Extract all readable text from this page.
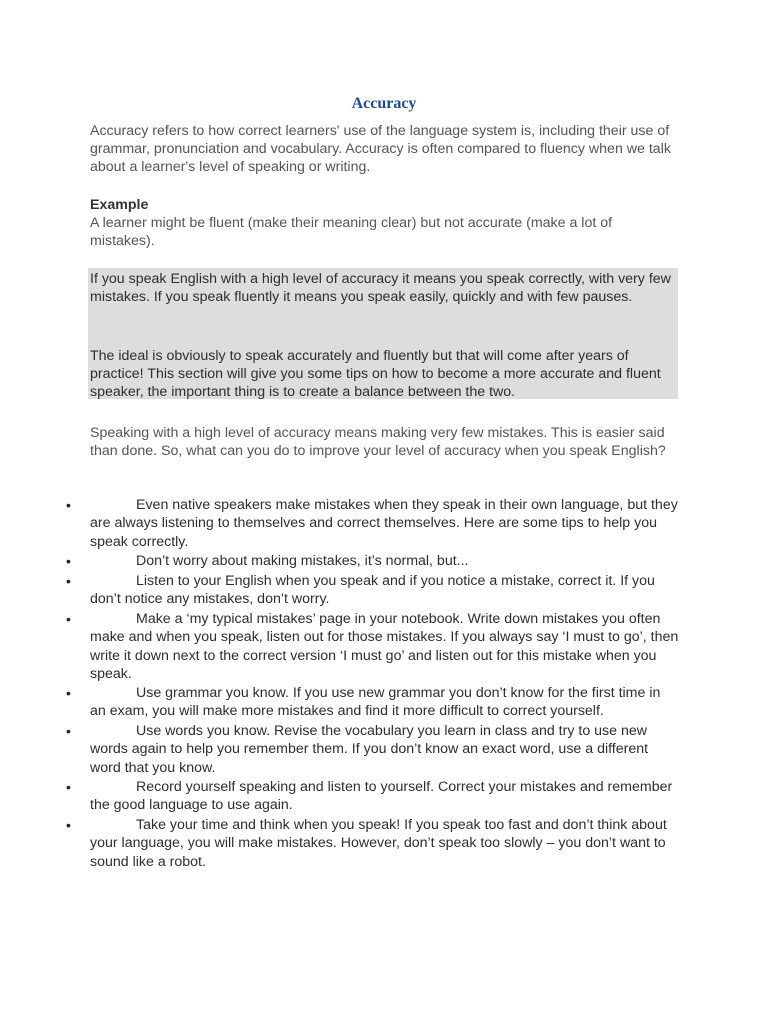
Accuracy
Accuracy refers to how correct learners' use of the language system is, including their use of grammar, pronunciation and vocabulary. Accuracy is often compared to fluency when we talk about a learner's level of speaking or writing.
Example
A learner might be fluent (make their meaning clear) but not accurate (make a lot of mistakes).
If you speak English with a high level of accuracy it means you speak correctly, with very few mistakes. If you speak fluently it means you speak easily, quickly and with few pauses.
The ideal is obviously to speak accurately and fluently but that will come after years of practice! This section will give you some tips on how to become a more accurate and fluent speaker, the important thing is to create a balance between the two.
Speaking with a high level of accuracy means making very few mistakes. This is easier said than done. So, what can you do to improve your level of accuracy when you speak English?
•	Even native speakers make mistakes when they speak in their own language, but they are always listening to themselves and correct themselves. Here are some tips to help you speak correctly.
•	Don’t worry about making mistakes, it’s normal, but...
•	Listen to your English when you speak and if you notice a mistake, correct it. If you don’t notice any mistakes, don’t worry.
•	Make a ‘my typical mistakes’ page in your notebook. Write down mistakes you often make and when you speak, listen out for those mistakes. If you always say ‘I must to go’, then write it down next to the correct version ‘I must go’ and listen out for this mistake when you speak.
•	Use grammar you know. If you use new grammar you don’t know for the first time in an exam, you will make more mistakes and find it more difficult to correct yourself.
•	Use words you know. Revise the vocabulary you learn in class and try to use new words again to help you remember them. If you don’t know an exact word, use a different word that you know.
•	Record yourself speaking and listen to yourself. Correct your mistakes and remember the good language to use again.
•	Take your time and think when you speak! If you speak too fast and don’t think about your language, you will make mistakes. However, don’t speak too slowly – you don’t want to sound like a robot.
